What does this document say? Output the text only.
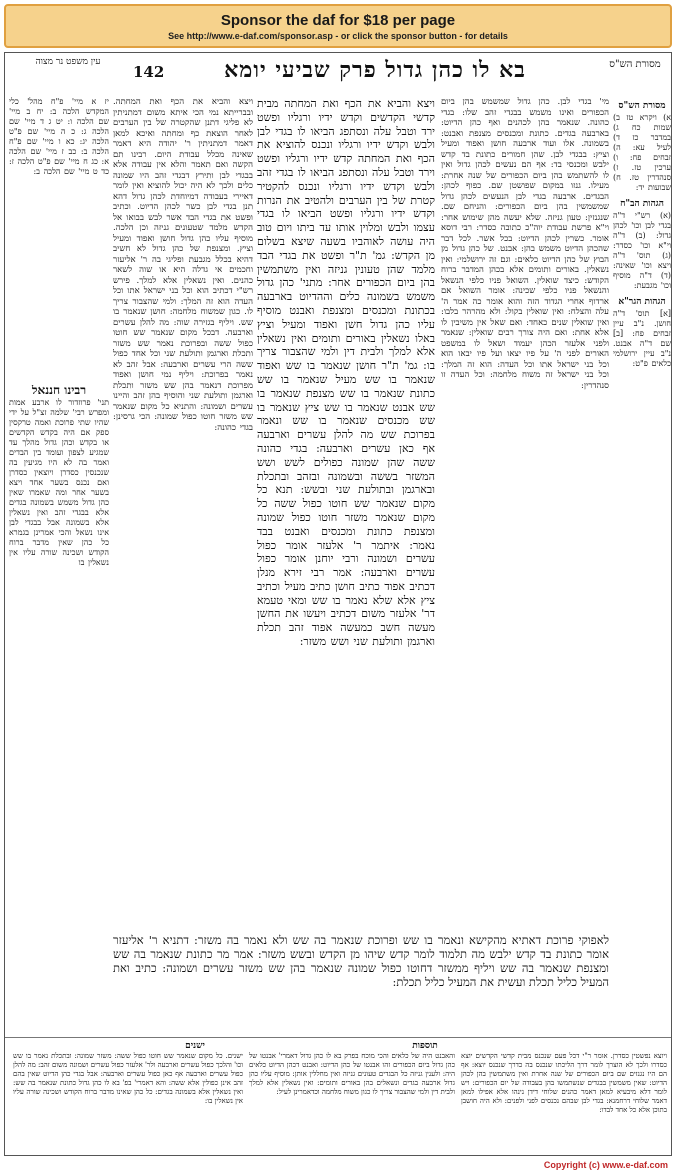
Sponsor the daf for $18 per page
See http://www.e-daf.com/sponsor.asp - or click the sponsor button - for details
עין משפט נר מצוה
142	בא לו כהן גדול פרק שביעי יומא	מסורת הש"ס
יז א מיי' פ"ח מהל' כלי המקדש הלכה ב: יח ב מיי' שם הלכה ו: יט ג ד מיי' שם הלכה ג: כ ה מיי' שם פ"ט הלכה יג: כא ו מיי' שם פ"ח הלכה ב: כב ז מיי' שם הלכה א: כג ח מיי' שם פ"ט הלכה ז: כד ט מיי' שם הלכה ב:
רבינו חננאל
תני' פרוזדור לו ארבע אמות ומפרש רבי' שלמה זצ"ל על ידי שהיו שתי פרוכת ואמה טרקסין ספק אם היה בקדש הקדשים או בקדש וכהן גדול מהלך עד שמגיע לצפון ועומד בין הבדים ואמר בה לא היו מגיעין בה שנכנסין כסדרן ויוצאין כסדרן ואם נכנס בשער אחד ויצא בשער אחר ומה שאמרו שאין כהן גדול משמש בשמונה בגדים אלא בבגדי זהב ואין נשאלין אלא בשמונה אבל בבגדי לבן אינו נשאל והכי אמרינן בגמרא כל כהן שאין מדבר ברוח הקודש ושכינה שורה עליו אין נשאלין בו
ויצא והביא את הכף ואת המחתה. ובברייתא נמי הכי איתא משום דמתניתין לא פליגי דתנן שהקטרה של בין הערבים לאחר הוצאת כף ומחתה ואיכא למאן דאמר דמתניתין ר' יהודה היא דאמר שאינה מכלל עבודת היום. רבינו תם הקשה ואם תאמר והלא אין עבודה אלא בבגדי לבן ותירץ דבגדי זהב היו שמונה כלים ולכך לא היה יכול להוציא ואין לומר דאיירי בעבודה דמיוחדת לכהן גדול דהא תנן בגדי לבן כשר לכהן הדיוט. וכתיב ופשט את בגדי הבד אשר לבש בבואו אל הקדש מלמד שטעונים גניזה וכן הלכה. מוסיף עליו כהן גדול חושן ואפוד ומעיל וציץ. ומצנפת של כהן גדול לא חשיב דהיא בכלל מגבעת ופליגי בה ר' אליעזר וחכמים אי גדלה היא או שוה לשאר כהנים. ואין נשאלין אלא למלך. פירש רש"י דכתיב הוא וכל בני ישראל אתו וכל העדה הוא זה המלך: ולמי שהצבור צריך לו. כגון שמשוח מלחמה: חושן שנאמר בו שש. ויליף בגזירה שוה: מה להלן עשרים וארבעה. דבכל מקום שנאמר שש חוטו כפול ששה ובפרוכת נאמר שש משזר ותכלת וארגמן ותולעת שני וכל אחד כפול ששה הרי עשרים וארבעה: אבל זהב לא נאמר בפרוכת: ויליף נמי חושן ואפוד מפרוכת דנאמר בהן שש משזר ותכלת וארגמן ותולעת שני והוסיף בהן זהב והיינו עשרים ושמונה: והתניא כל מקום שנאמר שש משזר חוטו כפול שמונה: הכי גרסינן: בגדי כהונה:
ויצא והביא את הכף ואת המחתה מבית קדשי הקדשים וקדש ידיו ורגליו ופשט ירד וטבל עלה ונסתפג הביאו לו בגדי לבן ולבש וקדש ידיו ורגליו ונכנס להוציא את הכף ואת המחתה קדש ידיו ורגליו ופשט וירד וטבל עלה ונסתפג הביאו לו בגדי זהב ולבש וקדש ידיו ורגליו ונכנס להקטיר קטרת של בין הערבים ולהטיב את הנרות וקדש ידיו ורגליו ופשט הביאו לו בגדי עצמו ולבש ומלוין אותו עד ביתו ויום טוב היה עושה לאוהביו בשעה שיצא בשלום מן הקדש: גמ' ת"ר ופשט את בגדי הבד מלמד שהן טעונין גניזה ואין משתמשין בהן ביום הכפורים אחר: מתני' כהן גדול משמש בשמונה כלים וההדיוט בארבעה בכתונת ומכנסים ומצנפת ואבנט מוסיף עליו כהן גדול חשן ואפוד ומעיל וציץ באלו נשאלין באורים ותומים ואין נשאלין אלא למלך ולבית דין ולמי שהצבור צריך בו: גמ' ת"ר חושן שנאמר בו שש ואפוד שנאמר בו שש מעיל שנאמר בו שש כתונת שנאמר בו שש מצנפת שנאמר בו שש אבנט שנאמר בו שש ציץ שנאמר בו שש מכנסים שנאמר בו שש ונאמר בפרוכת שש מה להלן עשרים וארבעה אף כאן עשרים וארבעה: בגדי כהונה ששה שהן שמונה כפולים לשש ושש המשזר בששה ובשמונה ובזהב ובתכלת ובארגמן ובתולעת שני ובשש: תנא כל מקום שנאמר שש חוטו כפול ששה כל מקום שנאמר משזר חוטו כפול שמונה ומצנפת כתונת ומכנסים ואבנט בבד נאמר: איתמר ר' אלעזר אומר כפול עשרים ושמונה ורבי יוחנן אומר כפול עשרים וארבעה: אמר רבי זירא מנלן דכתיב אפוד כתיב חושן כתיב מעיל וכתיב ציץ אלא שלא נאמר בו שש ומאי טעמא דר' אלעזר משום דכתיב ויעשו את החשן מעשה חשב כמעשה אפוד זהב תכלת וארגמן ותולעת שני ושש משזר:
מי' בגדי לבן. כהן גדול שמשמש בהן ביום הכפורים ואינו משמש בבגדי זהב שלו: בגדי כהונה. שנאמר בהן לכהנים ואף כהן הדיוט: בארבעה בגדים. כתונת ומכנסים מצנפת ואבנט: בשמונה. אלו ועוד ארבעה חושן ואפוד ומעיל וציץ: בבגדי לבן. שהן חמורים כתונת בד קדש ילבש ומכנסי בד: אף הם נעשים לכהן גדול ואין לו להשתמש בהן ביום הכפורים של שנה אחרת: מעילו. גנזו במקום שפושטן שם. כפוף לכהן: הבגדים. ארבעה בגדי לבן הנעשים לכהן גדול שמשמשין בהן ביום הכפורים: והניחם שם. שנגנזין: טעון גניזה. שלא יעשה מהן שימוש אחר: וי"א פרשת עבודת יוה"כ כתובה כסדר: רבי דוסא אומר. כשרין לכהן הדיוט: בכל אשר. לכל דבר שהכהן הדיוט משמש בהן: אבנט. של כהן גדול מן הבוץ של כהן הדיוט כלאים: וגם זה ירושלמי: ואין נשאלין. באורים ותומים אלא בכהן המדבר ברוח הקודש: כיצד שואלין. השואל פניו כלפי הנשאל והנשאל פניו כלפי שכינה: אומר השואל אם ארדוף אחרי הגדוד הזה והוא אומר כה אמר ה' עלה והצלח: ואין שואלין בקול: ולא מהרהר בלבו: ואין שואלין שנים כאחד: ואם שאל אין משיבין לו אלא אחת: ואם היה צורך רבים שואלין: שנאמר ולפני אלעזר הכהן יעמוד ושאל לו במשפט האורים לפני ה' על פיו יצאו ועל פיו יבאו הוא וכל בני ישראל אתו וכל העדה: הוא זה המלך: וכל בני ישראל זה משוח מלחמה: וכל העדה זו סנהדרין:
מסורת הש"ס
א) ויקרא טז ב) שמות כח ג) במדבר כז ד) לעיל עא: ה) זבחים פח: ו) ערכין טז. ז) סנהדרין טז. ח) שבועות יד:
הגהות הב"ח
(א) רש"י ד"ה בגדי לבן וכו' לכהן גדול: (ב) ד"ה וי"א וכו' כסדר: (ג) תוס' ד"ה ויצא וכו' שאינה: (ד) ד"ה מוסיף וכו' מגבעת:
הגהות הגר"א
[א] תוס' ד"ה חושן. נ"ב עיין זבחים פח: [ב] שם ד"ה אבנט. נ"ב עיין ירושלמי כלאים פ"ט:
לאפוקי פרוכת דאתיא מהקישא ונאמר בו שש ופרוכת שנאמר בה שש ולא נאמר בה משזר: דתניא ר' אליעזר אומר כתונת בד קדש ילבש מה תלמוד לומר קדש שיהו מן הקדש ובשש משזר: אמר מר כתונת שנאמר בה שש ומצנפת שנאמר בה שש ויליף ממשזר דחוטו כפול שמונה שנאמר בהן שש משזר עשרים ושמונה: כתיב ואת המעיל כליל תכלת ועשית את המעיל כליל תכלת:
תוספות
ישנים
ויוצא נפשטין כסדרן. אומר ר"י דכל פעם שנכנס מבית קדשי הקדשים יוצא כסדרו ולכך לא הוצרך לומר דרך הליכתו שנכנס בה כדרך שנכנס יוצא: אף הם היו נגנזים שם ביום הכפורים של שנה אחרת ואין משתמשין בהן לכהן הדיוט: שאין משמשין בבגדים שנשתמשו בהן בעבודה של יום הכפורים: ויש לומר דלא מיבעיא למאן דאמר כהנים שלוחי דידן נינהו אלא אפילו למאן דאמר שלוחי דרחמנא: בגדי לבן שבהם נכנסים לפני ולפנים: ולא היה חושבן בתוכן אלא כל אחד לבדו:
והאבנט היה של כלאים והכי מוכח בפרק בא לו כהן גדול דאמרי' אבנטו של כהן גדול ביום הכפורים זהו אבנטו של כהן הדיוט: ואבנט דכהן הדיוט כלאים היה: ולענין גניזה כל הבגדים טעונים גניזה ואין מחללין אותן: מוסיף עליו כהן גדול ארבעה בגדים ונשאלים בהן באורים ותומים: ואין נשאלין אלא למלך ולבית דין ולמי שהצבור צריך לו כגון משוח מלחמה וכדאמרינן לעיל:
ישנים. כל מקום שנאמר שש חוטו כפול ששה: משזר שמונה: ובתכלת נאמר בו שש וכו' והלכך כפול עשרים וארבעה ולר' אלעזר כפול עשרים ושמונה משום זהב: מה להלן כפול עשרים וארבעה אף כאן כפול עשרים וארבעה: אבל בגדי כהן הדיוט שאין בהם זהב אינן כפולין אלא ששה: והא דאמרי' בפ' בא לו כהן גדול כתונת שנאמר בה שש: ואין נשאלין אלא בשמונה בגדים: כל כהן שאינו מדבר ברוח הקודש ושכינה שורה עליו אין נשאלין בו:
Copyright (c) www.e-daf.com
